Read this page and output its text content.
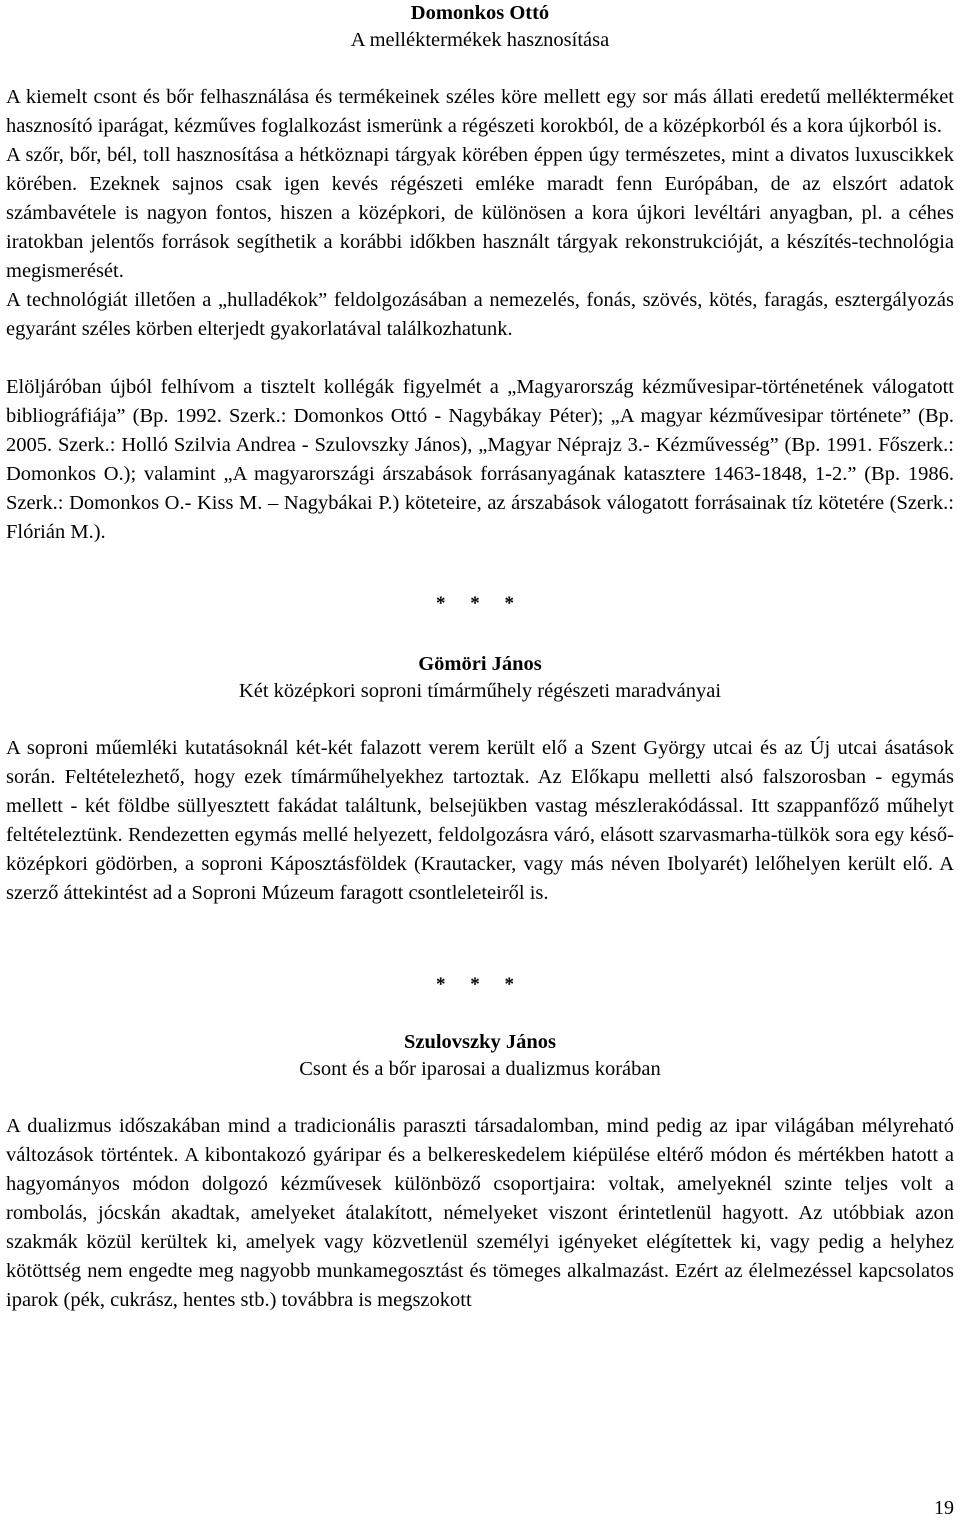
Domonkos Ottó

A melléktermékek hasznosítása

A kiemelt csont és bőr felhasználása és termékeinek széles köre mellett egy sor más állati eredetű mellékterméket hasznosító iparágat, kézműves foglalkozást ismerünk a régészeti korokból, de a középkorból és a kora újkorból is.

A szőr, bőr, bél, toll hasznosítása a hétköznapi tárgyak körében éppen úgy természetes, mint a divatos luxuscikkek körében. Ezeknek sajnos csak igen kevés régészeti emléke maradt fenn Európában, de az elszórt adatok számbavétele is nagyon fontos, hiszen a középkori, de különösen a kora újkori levéltári anyagban, pl. a céhes iratokban jelentős források segíthetik a korábbi időkben használt tárgyak rekonstrukcióját, a készítés-technológia megismerését.

A technológiát illetően a „hulladékok” feldolgozásában a nemezelés, fonás, szövés, kötés, faragás, esztergályozás egyaránt széles körben elterjedt gyakorlatával találkozhatunk.

Elöljáróban újból felhívom a tisztelt kollégák figyelmét a „Magyarország kézművesipar-történetének válogatott bibliográfiája” (Bp. 1992. Szerk.: Domonkos Ottó - Nagybákay Péter); „A magyar kézművesipar története” (Bp. 2005. Szerk.: Holló Szilvia Andrea - Szulovszky János), „Magyar Néprajz 3.- Kézművesség” (Bp. 1991. Főszerk.: Domonkos O.); valamint „A magyarországi árszabások forrásanyagának katasztere 1463-1848, 1-2.” (Bp. 1986. Szerk.: Domonkos O.- Kiss M. – Nagybákai P.) köteteire, az árszabások válogatott forrásainak tíz kötetére (Szerk.: Flórián M.).

* * *

Gömöri János

Két középkori soproni tímárműhely régészeti maradványai

A soproni műemléki kutatásoknál két-két falazott verem került elő a Szent György utcai és az Új utcai ásatások során. Feltételezhető, hogy ezek tímárműhelyekhez tartoztak. Az Előkapu melletti alsó falszorosban - egymás mellett - két földbe süllyesztett fakádat találtunk, belsejükben vastag mészlerakódással. Itt szappanfőző műhelyt feltételeztünk. Rendezetten egymás mellé helyezett, feldolgozásra váró, elásott szarvasmarha-tülkök sora egy késő-középkori gödörben, a soproni Káposztásföldek (Krautacker, vagy más néven Ibolyarét) lelőhelyen került elő. A szerző áttekintést ad a Soproni Múzeum faragott csontleleteiről is.

* * *

Szulovszky János

Csont és a bőr iparosai a dualizmus korában

A dualizmus időszakában mind a tradicionális paraszti társadalomban, mind pedig az ipar világában mélyreható változások történtek. A kibontakozó gyáripar és a belkereskedelem kiépülése eltérő módon és mértékben hatott a hagyományos módon dolgozó kézművesek különböző csoportjaira: voltak, amelyeknél szinte teljes volt a rombolás, jócskán akadtak, amelyeket átalakított, némelyeket viszont érintetlenül hagyott. Az utóbbiak azon szakmák közül kerültek ki, amelyek vagy közvetlenül személyi igényeket elégítettek ki, vagy pedig a helyhez kötöttség nem engedte meg nagyobb munkamegosztást és tömeges alkalmazást. Ezért az élelmezéssel kapcsolatos iparok (pék, cukrász, hentes stb.) továbbra is megszokott

19
